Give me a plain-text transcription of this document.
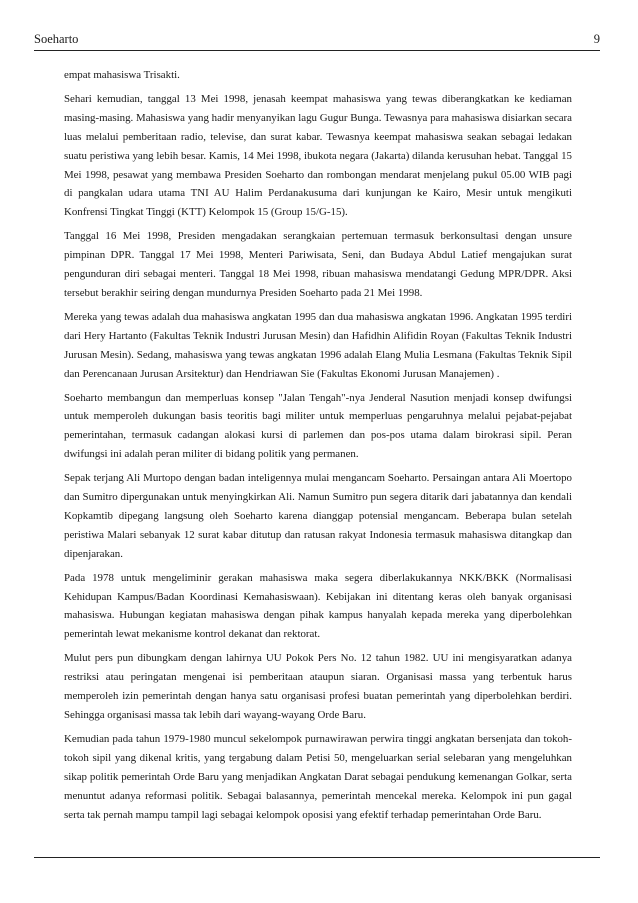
Soeharto	9

empat mahasiswa Trisakti.

Sehari kemudian, tanggal 13 Mei 1998, jenasah keempat mahasiswa yang tewas diberangkatkan ke kediaman masing-masing. Mahasiswa yang hadir menyanyikan lagu Gugur Bunga. Tewasnya para mahasiswa disiarkan secara luas melalui pemberitaan radio, televise, dan surat kabar. Tewasnya keempat mahasiswa seakan sebagai ledakan suatu peristiwa yang lebih besar. Kamis, 14 Mei 1998, ibukota negara (Jakarta) dilanda kerusuhan hebat. Tanggal 15 Mei 1998, pesawat yang membawa Presiden Soeharto dan rombongan mendarat menjelang pukul 05.00 WIB pagi di pangkalan udara utama TNI AU Halim Perdanakusuma dari kunjungan ke Kairo, Mesir untuk mengikuti Konfrensi Tingkat Tinggi (KTT) Kelompok 15 (Group 15/G-15).

Tanggal 16 Mei 1998, Presiden mengadakan serangkaian pertemuan termasuk berkonsultasi dengan unsure pimpinan DPR. Tanggal 17 Mei 1998, Menteri Pariwisata, Seni, dan Budaya Abdul Latief mengajukan surat pengunduran diri sebagai menteri. Tanggal 18 Mei 1998, ribuan mahasiswa mendatangi Gedung MPR/DPR. Aksi tersebut berakhir seiring dengan mundurnya Presiden Soeharto pada 21 Mei 1998.

Mereka yang tewas adalah dua mahasiswa angkatan 1995 dan dua mahasiswa angkatan 1996. Angkatan 1995 terdiri dari Hery Hartanto (Fakultas Teknik Industri Jurusan Mesin) dan Hafidhin Alifidin Royan (Fakultas Teknik Industri Jurusan Mesin). Sedang, mahasiswa yang tewas angkatan 1996 adalah Elang Mulia Lesmana (Fakultas Teknik Sipil dan Perencanaan Jurusan Arsitektur) dan Hendriawan Sie (Fakultas Ekonomi Jurusan Manajemen) .

Soeharto membangun dan memperluas konsep "Jalan Tengah"-nya Jenderal Nasution menjadi konsep dwifungsi untuk memperoleh dukungan basis teoritis bagi militer untuk memperluas pengaruhnya melalui pejabat-pejabat pemerintahan, termasuk cadangan alokasi kursi di parlemen dan pos-pos utama dalam birokrasi sipil. Peran dwifungsi ini adalah peran militer di bidang politik yang permanen.

Sepak terjang Ali Murtopo dengan badan inteligennya mulai mengancam Soeharto. Persaingan antara Ali Moertopo dan Sumitro dipergunakan untuk menyingkirkan Ali. Namun Sumitro pun segera ditarik dari jabatannya dan kendali Kopkamtib dipegang langsung oleh Soeharto karena dianggap potensial mengancam. Beberapa bulan setelah peristiwa Malari sebanyak 12 surat kabar ditutup dan ratusan rakyat Indonesia termasuk mahasiswa ditangkap dan dipenjarakan.

Pada 1978 untuk mengeliminir gerakan mahasiswa maka segera diberlakukannya NKK/BKK (Normalisasi Kehidupan Kampus/Badan Koordinasi Kemahasiswaan). Kebijakan ini ditentang keras oleh banyak organisasi mahasiswa. Hubungan kegiatan mahasiswa dengan pihak kampus hanyalah kepada mereka yang diperbolehkan pemerintah lewat mekanisme kontrol dekanat dan rektorat.

Mulut pers pun dibungkam dengan lahirnya UU Pokok Pers No. 12 tahun 1982. UU ini mengisyaratkan adanya restriksi atau peringatan mengenai isi pemberitaan ataupun siaran. Organisasi massa yang terbentuk harus memperoleh izin pemerintah dengan hanya satu organisasi profesi buatan pemerintah yang diperbolehkan berdiri. Sehingga organisasi massa tak lebih dari wayang-wayang Orde Baru.

Kemudian pada tahun 1979-1980 muncul sekelompok purnawirawan perwira tinggi angkatan bersenjata dan tokoh-tokoh sipil yang dikenal kritis, yang tergabung dalam Petisi 50, mengeluarkan serial selebaran yang mengeluhkan sikap politik pemerintah Orde Baru yang menjadikan Angkatan Darat sebagai pendukung kemenangan Golkar, serta menuntut adanya reformasi politik. Sebagai balasannya, pemerintah mencekal mereka. Kelompok ini pun gagal serta tak pernah mampu tampil lagi sebagai kelompok oposisi yang efektif terhadap pemerintahan Orde Baru.
